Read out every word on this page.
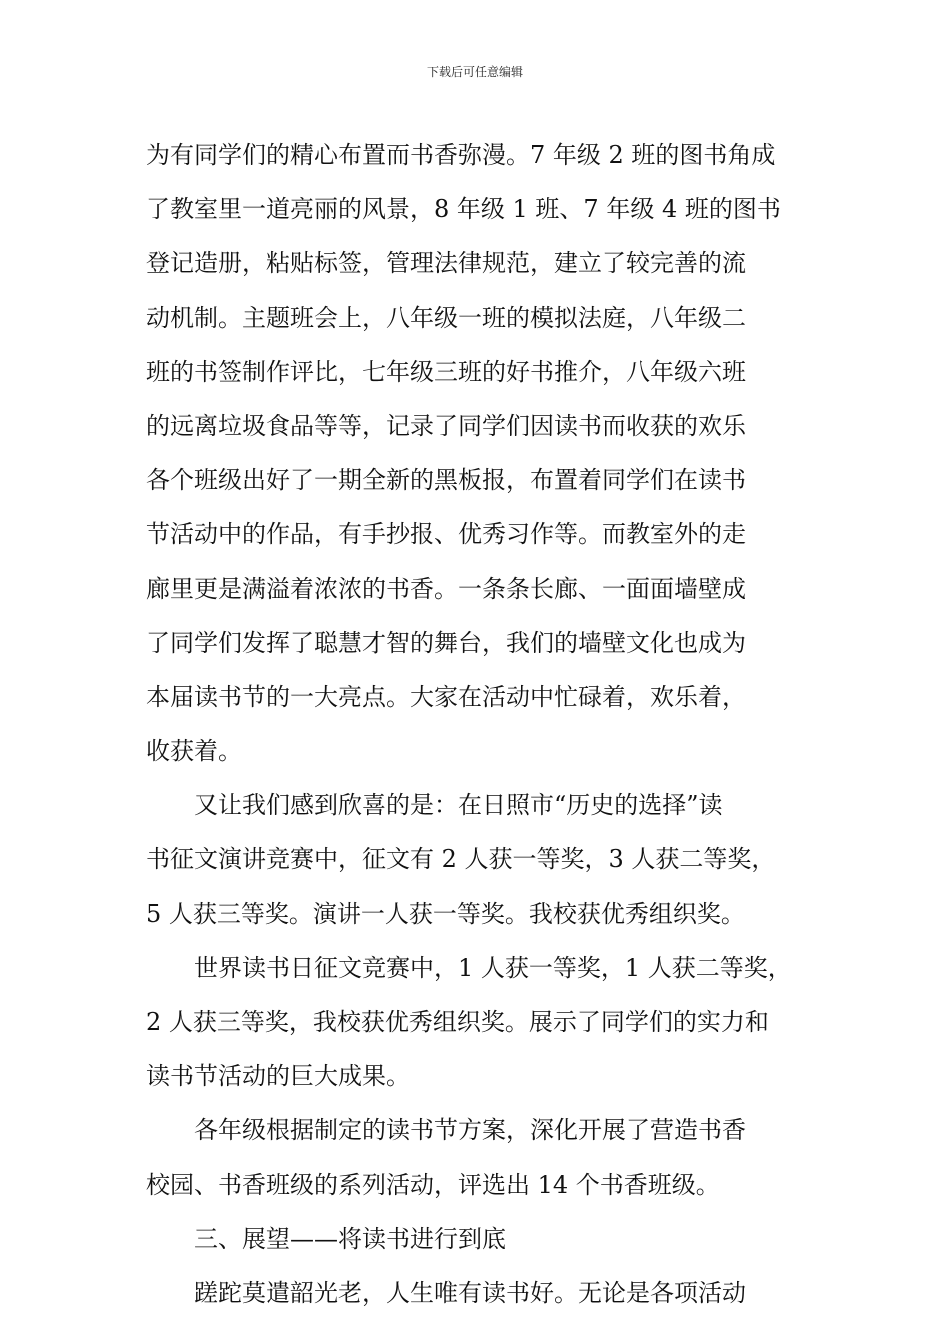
下载后可任意编辑
为有同学们的精心布置而书香弥漫。7 年级 2 班的图书角成
了教室里一道亮丽的风景，8 年级 1 班、7 年级 4 班的图书
登记造册，粘贴标签，管理法律规范，建立了较完善的流
动机制。主题班会上，八年级一班的模拟法庭，八年级二
班的书签制作评比，七年级三班的好书推介，八年级六班
的远离垃圾食品等等，记录了同学们因读书而收获的欢乐
各个班级出好了一期全新的黑板报，布置着同学们在读书
节活动中的作品，有手抄报、优秀习作等。而教室外的走
廊里更是满溢着浓浓的书香。一条条长廊、一面面墙壁成
了同学们发挥了聪慧才智的舞台，我们的墙壁文化也成为
本届读书节的一大亮点。大家在活动中忙碌着，欢乐着，
收获着。
又让我们感到欣喜的是：在日照市“历史的选择”读
书征文演讲竞赛中，征文有 2 人获一等奖，3 人获二等奖，
5 人获三等奖。演讲一人获一等奖。我校获优秀组织奖。
世界读书日征文竞赛中，1 人获一等奖，1 人获二等奖，
2 人获三等奖，我校获优秀组织奖。展示了同学们的实力和
读书节活动的巨大成果。
各年级根据制定的读书节方案，深化开展了营造书香
校园、书香班级的系列活动，评选出 14 个书香班级。
三、展望——将读书进行到底
蹉跎莫遣韶光老，人生唯有读书好。无论是各项活动
